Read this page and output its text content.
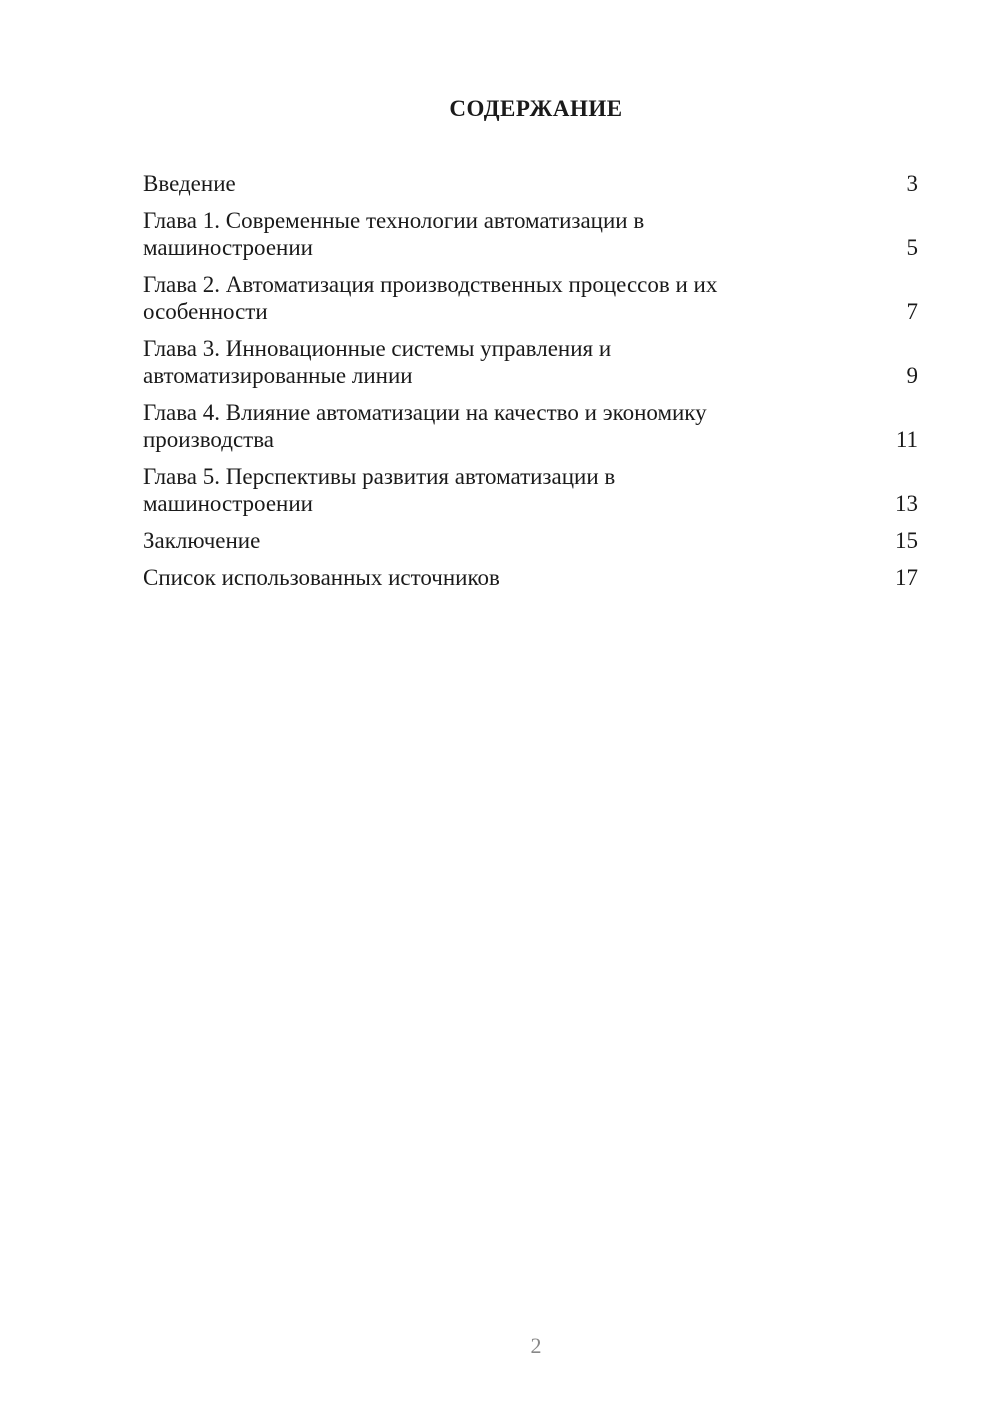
СОДЕРЖАНИЕ
Введение	3
Глава 1. Современные технологии автоматизации в машиностроении	5
Глава 2. Автоматизация производственных процессов и их особенности	7
Глава 3. Инновационные системы управления и автоматизированные линии	9
Глава 4. Влияние автоматизации на качество и экономику производства	11
Глава 5. Перспективы развития автоматизации в машиностроении	13
Заключение	15
Список использованных источников	17
2
